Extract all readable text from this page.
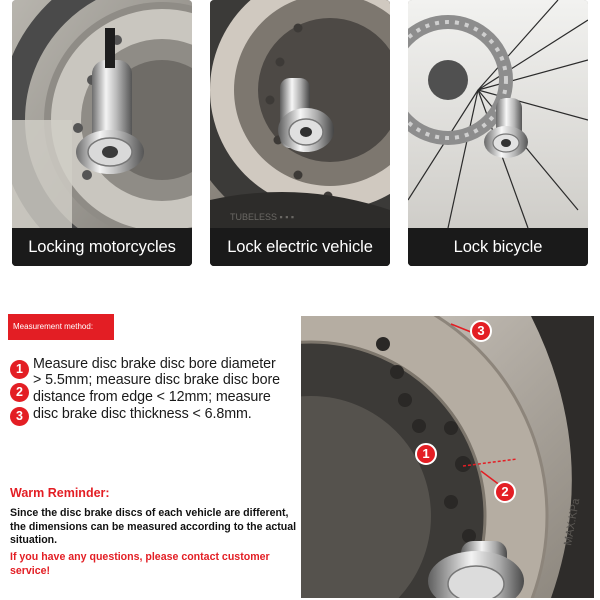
Locking motorcycles
TUBELESS ▪ ▪ ▪
Lock electric vehicle	Lock bicycle
Measurement method:
1
2
3
Measure disc brake disc bore diameter
> 5.5mm; measure disc brake disc bore
distance from edge < 12mm; measure
disc brake disc thickness < 6.8mm.
Warm Reminder:
Since the disc brake discs of each vehicle are different,
the dimensions can be measured according to the actual
situation.
If you have any questions, please contact customer
service!
MAX.KPa
1
2
3
